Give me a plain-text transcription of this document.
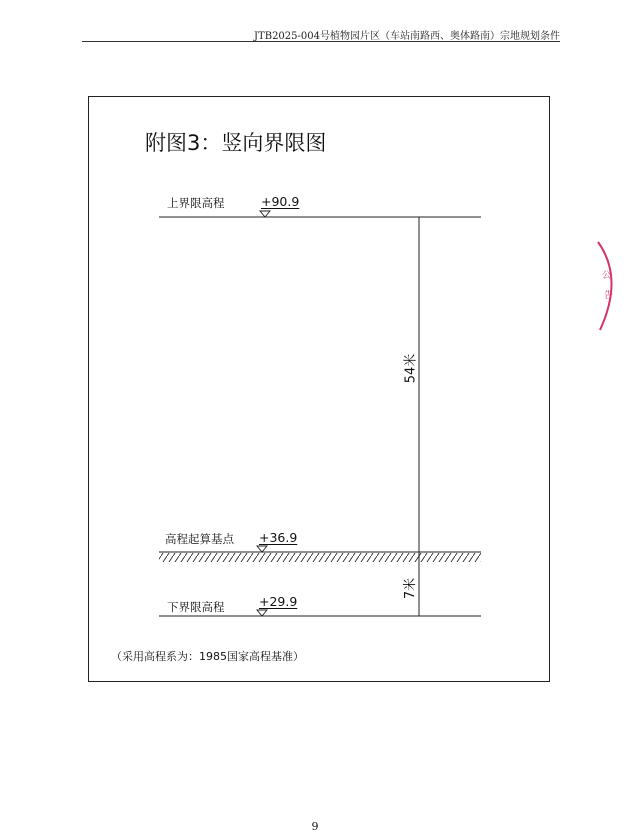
JTB2025-004号植物园片区（车站南路西、奥体路南）宗地规划条件
附图3：竖向界限图
上界限高程	+90.9
高程起算基点 +36.9
下界限高程	+29.9
54米
7米
（采用高程系为：1985国家高程基准）
公
告
9
